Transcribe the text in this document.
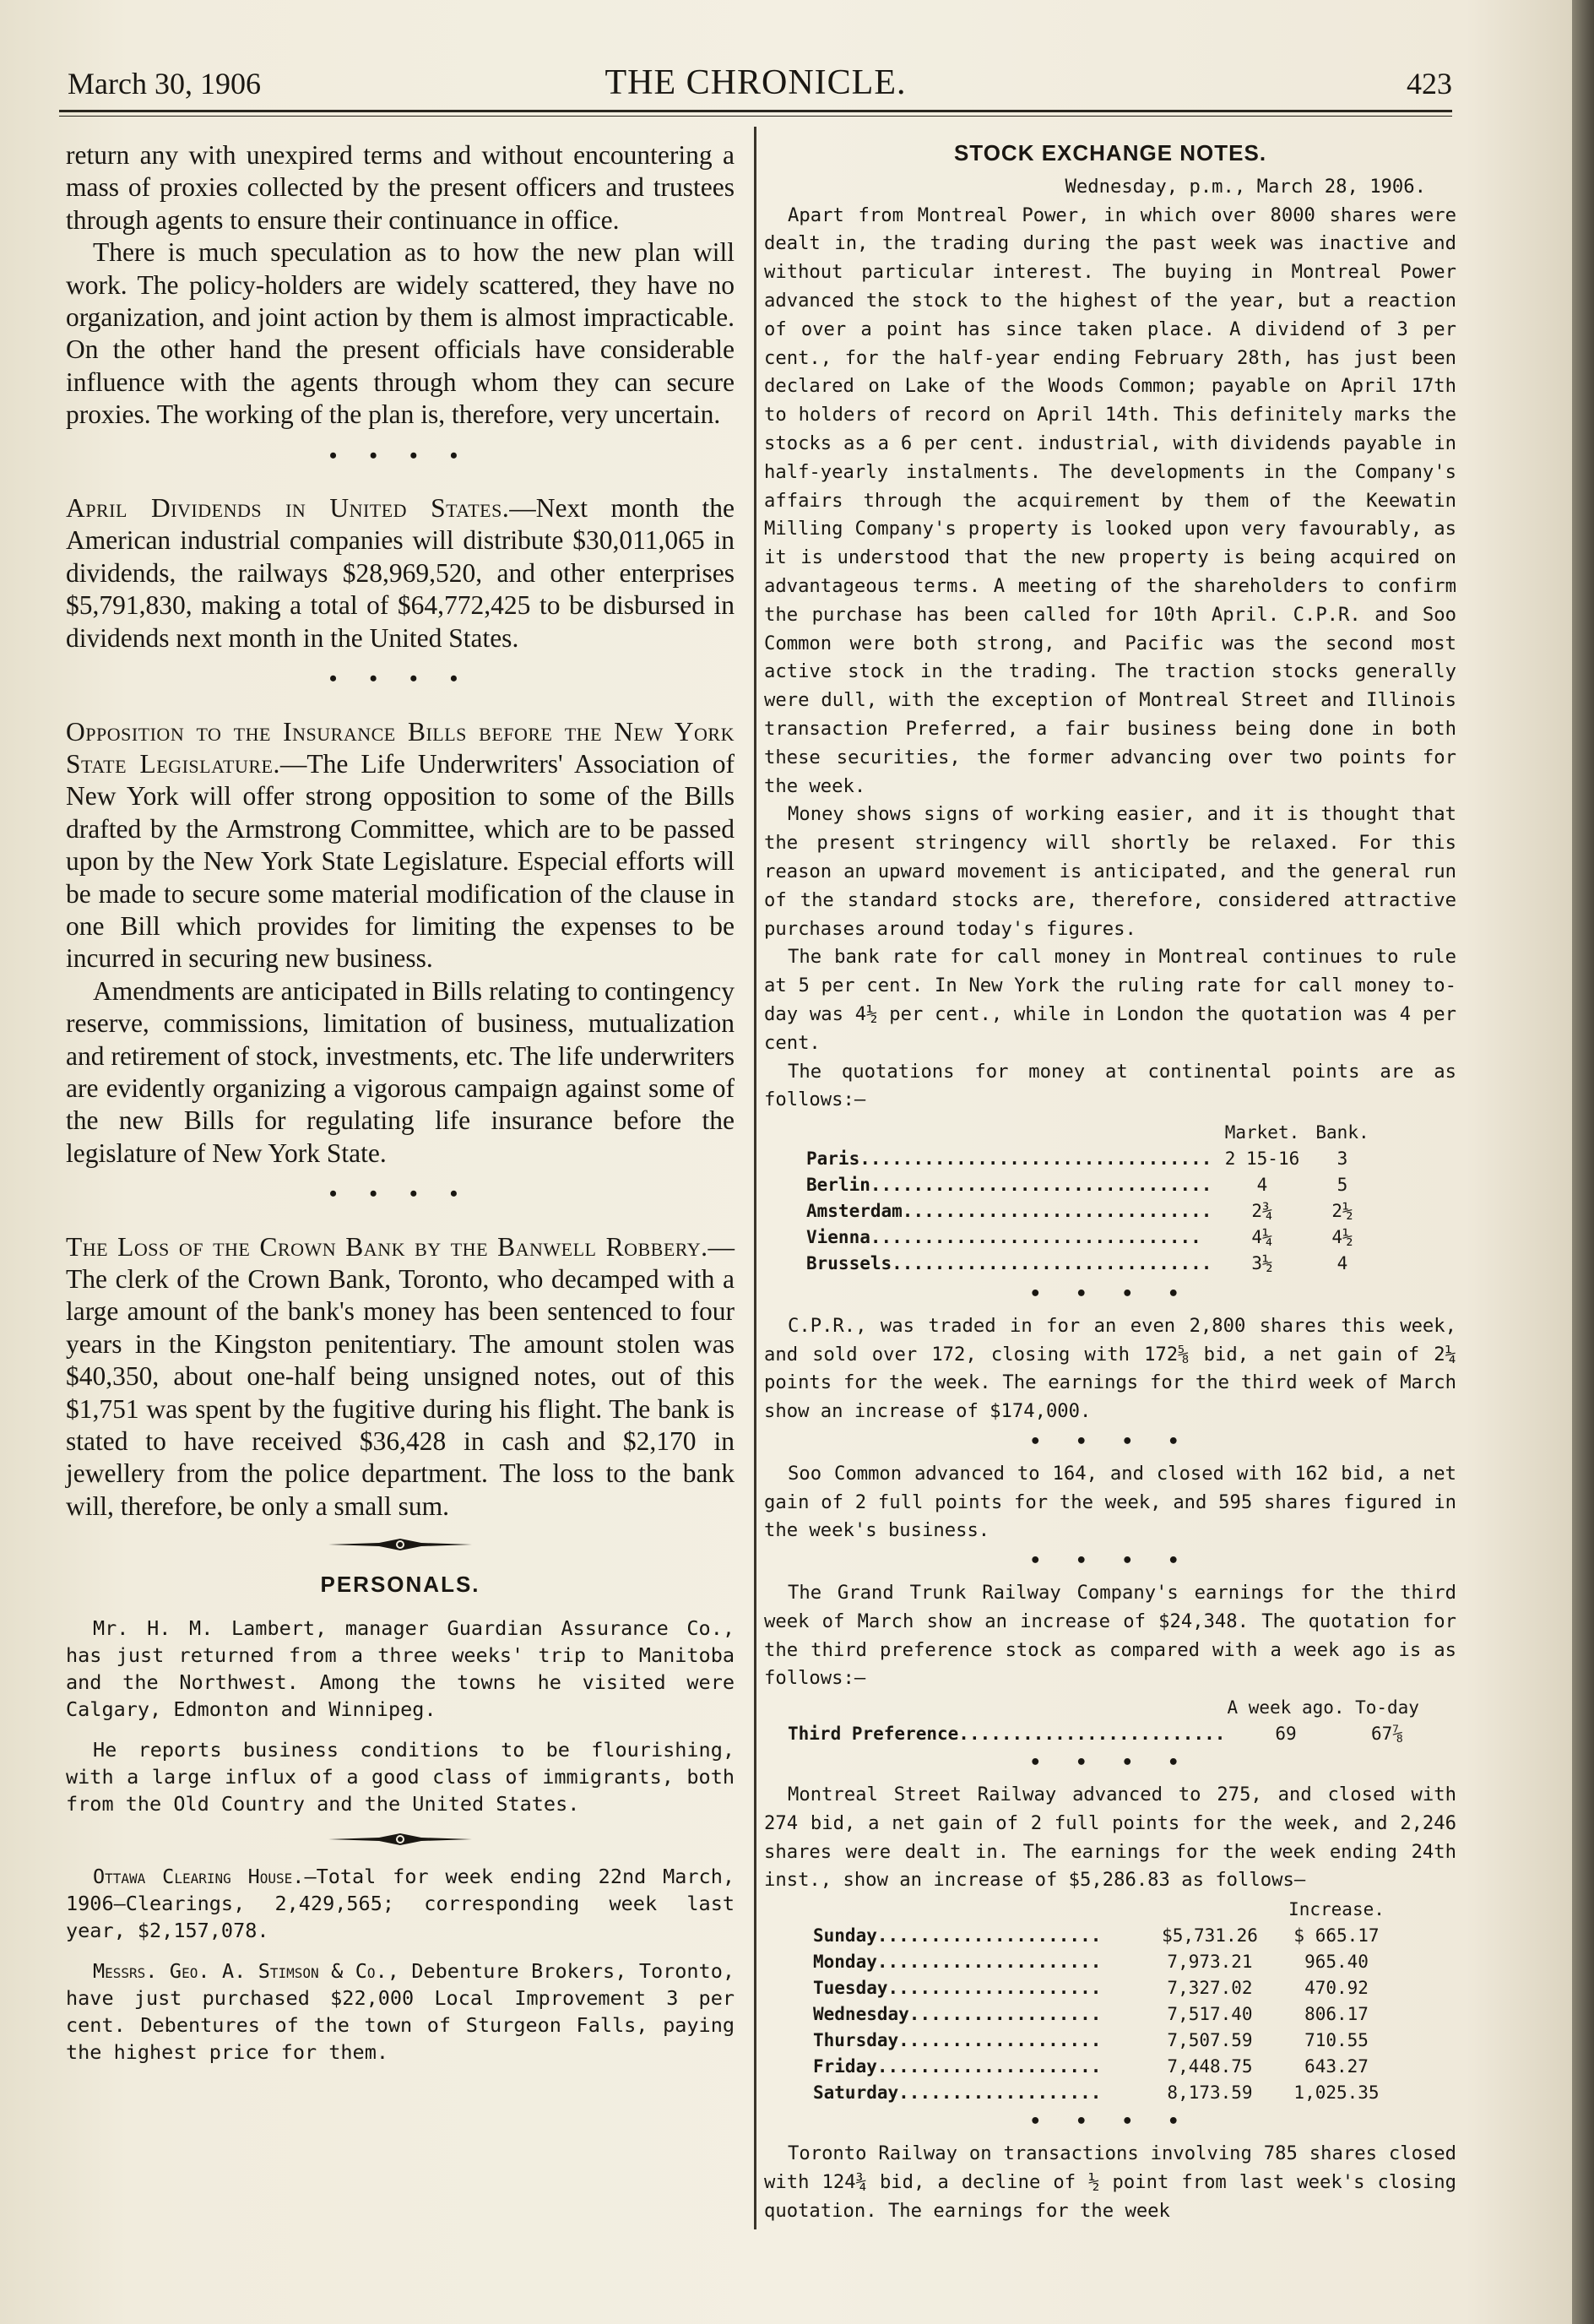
March 30, 1906	THE CHRONICLE.	423

return any with unexpired terms and without encountering a mass of proxies collected by the present officers and trustees through agents to ensure their continuance in office.

There is much speculation as to how the new plan will work. The policy-holders are widely scattered, they have no organization, and joint action by them is almost impracticable. On the other hand the present officials have considerable influence with the agents through whom they can secure proxies. The working of the plan is, therefore, very uncertain.

• • • •

April Dividends in United States.—Next month the American industrial companies will distribute $30,011,065 in dividends, the railways $28,969,520, and other enterprises $5,791,830, making a total of $64,772,425 to be disbursed in dividends next month in the United States.

• • • •

Opposition to the Insurance Bills before the New York State Legislature.—The Life Underwriters' Association of New York will offer strong opposition to some of the Bills drafted by the Armstrong Committee, which are to be passed upon by the New York State Legislature. Especial efforts will be made to secure some material modification of the clause in one Bill which provides for limiting the expenses to be incurred in securing new business.

Amendments are anticipated in Bills relating to contingency reserve, commissions, limitation of business, mutualization and retirement of stock, investments, etc. The life underwriters are evidently organizing a vigorous campaign against some of the new Bills for regulating life insurance before the legislature of New York State.

• • • •

The Loss of the Crown Bank by the Banwell Robbery.—The clerk of the Crown Bank, Toronto, who decamped with a large amount of the bank's money has been sentenced to four years in the Kingston penitentiary. The amount stolen was $40,350, about one-half being unsigned notes, out of this $1,751 was spent by the fugitive during his flight. The bank is stated to have received $36,428 in cash and $2,170 in jewellery from the police department. The loss to the bank will, therefore, be only a small sum.

PERSONALS.

Mr. H. M. Lambert, manager Guardian Assurance Co., has just returned from a three weeks' trip to Manitoba and the Northwest. Among the towns he visited were Calgary, Edmonton and Winnipeg.

He reports business conditions to be flourishing, with a large influx of a good class of immigrants, both from the Old Country and the United States.

Ottawa Clearing House.—Total for week ending 22nd March, 1906—Clearings, 2,429,565; corresponding week last year, $2,157,078.

Messrs. Geo. A. Stimson & Co., Debenture Brokers, Toronto, have just purchased $22,000 Local Improvement 3 per cent. Debentures of the town of Sturgeon Falls, paying the highest price for them.

STOCK EXCHANGE NOTES.

Wednesday, p.m., March 28, 1906.

Apart from Montreal Power, in which over 8000 shares were dealt in, the trading during the past week was inactive and without particular interest. The buying in Montreal Power advanced the stock to the highest of the year, but a reaction of over a point has since taken place. A dividend of 3 per cent., for the half-year ending February 28th, has just been declared on Lake of the Woods Common; payable on April 17th to holders of record on April 14th. This definitely marks the stocks as a 6 per cent. industrial, with dividends payable in half-yearly instalments. The developments in the Company's affairs through the acquirement by them of the Keewatin Milling Company's property is looked upon very favourably, as it is understood that the new property is being acquired on advantageous terms. A meeting of the shareholders to confirm the purchase has been called for 10th April. C.P.R. and Soo Common were both strong, and Pacific was the second most active stock in the trading. The traction stocks generally were dull, with the exception of Montreal Street and Illinois transaction Preferred, a fair business being done in both these securities, the former advancing over two points for the week.

Money shows signs of working easier, and it is thought that the present stringency will shortly be relaxed. For this reason an upward movement is anticipated, and the general run of the standard stocks are, therefore, considered attractive purchases around today's figures.

The bank rate for call money in Montreal continues to rule at 5 per cent. In New York the ruling rate for call money to-day was 4½ per cent., while in London the quotation was 4 per cent.

The quotations for money at continental points are as follows:—

	Market.	Bank.
Paris.................................	2 15-16	3
Berlin................................	4	5
Amsterdam.............................	2¾	2½
Vienna...............................	4¼	4½
Brussels..............................	3½	4
• • • •

C.P.R., was traded in for an even 2,800 shares this week, and sold over 172, closing with 172⅝ bid, a net gain of 2¼ points for the week. The earnings for the third week of March show an increase of $174,000.

• • • •

Soo Common advanced to 164, and closed with 162 bid, a net gain of 2 full points for the week, and 595 shares figured in the week's business.

• • • •

The Grand Trunk Railway Company's earnings for the third week of March show an increase of $24,348. The quotation for the third preference stock as compared with a week ago is as follows:—

	A week ago.	To-day
Third Preference.........................	69	67⅞
• • • •

Montreal Street Railway advanced to 275, and closed with 274 bid, a net gain of 2 full points for the week, and 2,246 shares were dealt in. The earnings for the week ending 24th inst., show an increase of $5,286.83 as follows—

		Increase.
Sunday.....................	$5,731.26	$ 665.17
Monday.....................	7,973.21	965.40
Tuesday....................	7,327.02	470.92
Wednesday..................	7,517.40	806.17
Thursday...................	7,507.59	710.55
Friday.....................	7,448.75	643.27
Saturday...................	8,173.59	1,025.35
• • • •

Toronto Railway on transactions involving 785 shares closed with 124¾ bid, a decline of ½ point from last week's closing quotation. The earnings for the week
